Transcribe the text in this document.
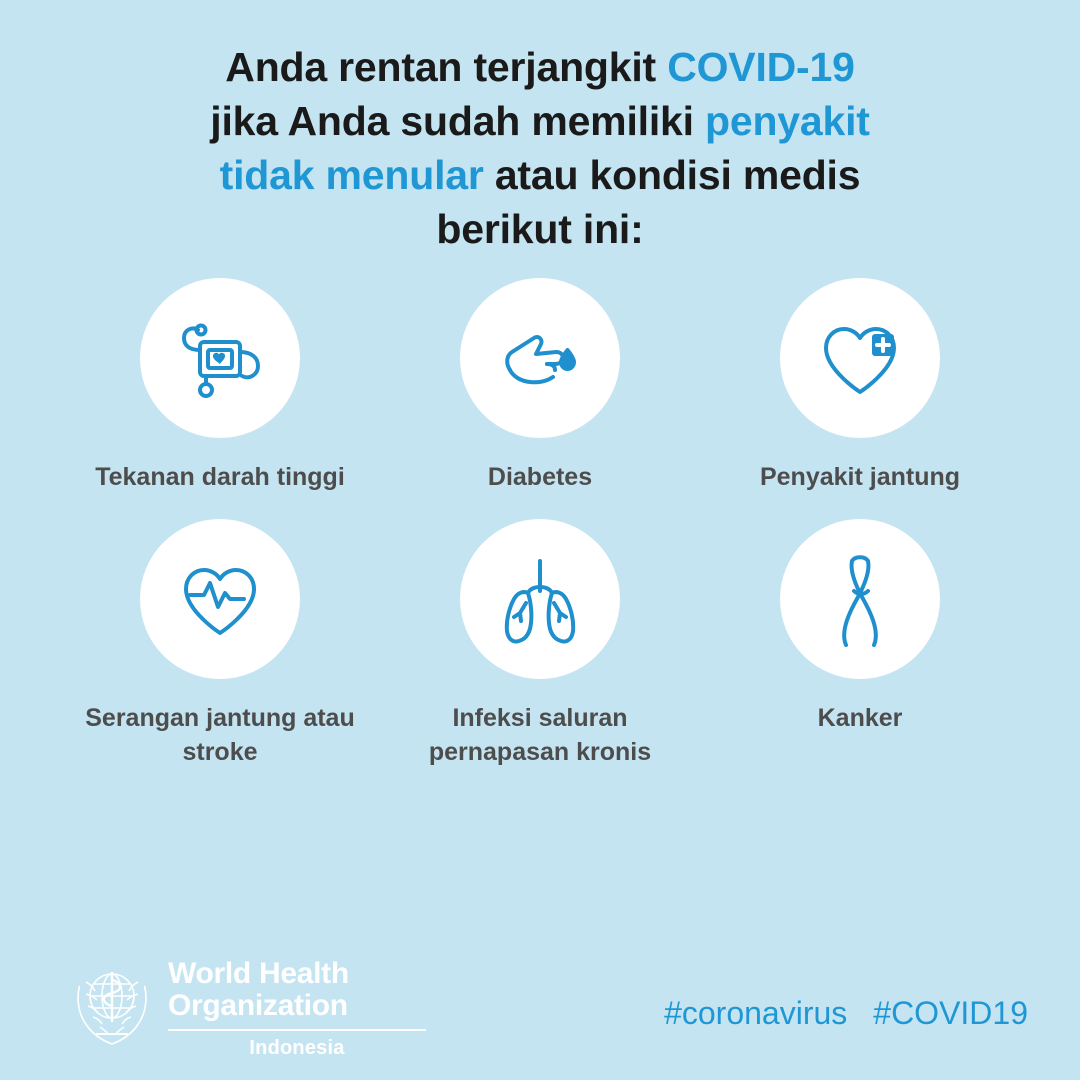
Anda rentan terjangkit COVID-19
jika Anda sudah memiliki penyakit
tidak menular atau kondisi medis
berikut ini:
Tekanan darah tinggi	Diabetes	Penyakit jantung
Serangan jantung atau stroke
Infeksi saluran pernapasan kronis
Kanker
World Health
Organization
Indonesia
#coronavirus #COVID19
